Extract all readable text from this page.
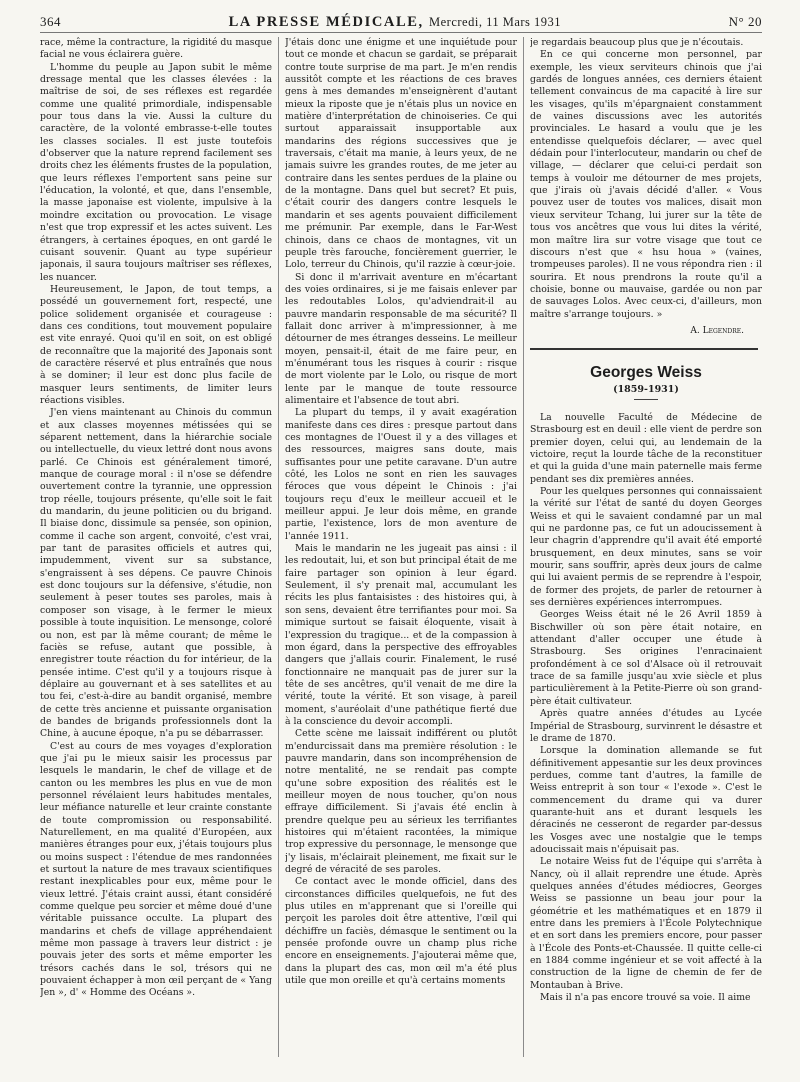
364	LA PRESSE MÉDICALE, Mercredi, 11 Mars 1931	N° 20

race, même la contracture, la rigidité du masque facial ne vous éclairera guère.

L'homme du peuple au Japon subit le même dressage mental que les classes élevées : la maîtrise de soi, de ses réflexes est regardée comme une qualité primordiale, indispensable pour tous dans la vie. Aussi la culture du caractère, de la volonté embrasse-t-elle toutes les classes sociales. Il est juste toutefois d'observer que la nature reprend facilement ses droits chez les éléments frustes de la population, que leurs réflexes l'emportent sans peine sur l'éducation, la volonté, et que, dans l'ensemble, la masse japonaise est violente, impulsive à la moindre excitation ou provocation. Le visage n'est que trop expressif et les actes suivent. Les étrangers, à certaines époques, en ont gardé le cuisant souvenir. Quant au type supérieur japonais, il saura toujours maîtriser ses réflexes, les nuancer.

Heureusement, le Japon, de tout temps, a possédé un gouvernement fort, respecté, une police solidement organisée et courageuse : dans ces conditions, tout mouvement populaire est vite enrayé. Quoi qu'il en soit, on est obligé de reconnaître que la majorité des Japonais sont de caractère réservé et plus entraînés que nous à se dominer; il leur est donc plus facile de masquer leurs sentiments, de limiter leurs réactions visibles.

J'en viens maintenant au Chinois du commun et aux classes moyennes métissées qui se séparent nettement, dans la hiérarchie sociale ou intellectuelle, du vieux lettré dont nous avons parlé. Ce Chinois est généralement timoré, manque de courage moral : il n'ose se défendre ouvertement contre la tyrannie, une oppression trop réelle, toujours présente, qu'elle soit le fait du mandarin, du jeune politicien ou du brigand. Il biaise donc, dissimule sa pensée, son opinion, comme il cache son argent, convoité, c'est vrai, par tant de parasites officiels et autres qui, impudemment, vivent sur sa substance, s'engraissent à ses dépens. Ce pauvre Chinois est donc toujours sur la défensive, s'étudie, non seulement à peser toutes ses paroles, mais à composer son visage, à le fermer le mieux possible à toute inquisition. Le mensonge, coloré ou non, est par là même courant; de même le faciès se refuse, autant que possible, à enregistrer toute réaction du for intérieur, de la pensée intime. C'est qu'il y a toujours risque à déplaire au gouvernant et à ses satellites et au tou fei, c'est-à-dire au bandit organisé, membre de cette très ancienne et puissante organisation de bandes de brigands professionnels dont la Chine, à aucune époque, n'a pu se débarrasser.

C'est au cours de mes voyages d'exploration que j'ai pu le mieux saisir les processus par lesquels le mandarin, le chef de village et de canton ou les membres les plus en vue de mon personnel révélaient leurs habitudes mentales, leur méfiance naturelle et leur crainte constante de toute compromission ou responsabilité. Naturellement, en ma qualité d'Européen, aux manières étranges pour eux, j'étais toujours plus ou moins suspect : l'étendue de mes randonnées et surtout la nature de mes travaux scientifiques restant inexplicables pour eux, même pour le vieux lettré. J'étais craint aussi, étant considéré comme quelque peu sorcier et même doué d'une véritable puissance occulte. La plupart des mandarins et chefs de village appréhendaient même mon passage à travers leur district : je pouvais jeter des sorts et même emporter les trésors cachés dans le sol, trésors qui ne pouvaient échapper à mon œil perçant de « Yang Jen », d' « Homme des Océans ».

J'étais donc une énigme et une inquiétude pour tout ce monde et chacun se gardait, se préparait contre toute surprise de ma part. Je m'en rendis aussitôt compte et les réactions de ces braves gens à mes demandes m'enseignèrent d'autant mieux la riposte que je n'étais plus un novice en matière d'interprétation de chinoiseries. Ce qui surtout apparaissait insupportable aux mandarins des régions successives que je traversais, c'était ma manie, à leurs yeux, de ne jamais suivre les grandes routes, de me jeter au contraire dans les sentes perdues de la plaine ou de la montagne. Dans quel but secret? Et puis, c'était courir des dangers contre lesquels le mandarin et ses agents pouvaient difficilement me prémunir. Par exemple, dans le Far-West chinois, dans ce chaos de montagnes, vit un peuple très farouche, foncièrement guerrier, le Lolo, terreur du Chinois, qu'il razzie à cœur-joie.

Si donc il m'arrivait aventure en m'écartant des voies ordinaires, si je me faisais enlever par les redoutables Lolos, qu'adviendrait-il au pauvre mandarin responsable de ma sécurité? Il fallait donc arriver à m'impressionner, à me détourner de mes étranges desseins. Le meilleur moyen, pensait-il, était de me faire peur, en m'énumérant tous les risques à courir : risque de mort violente par le Lolo, ou risque de mort lente par le manque de toute ressource alimentaire et l'absence de tout abri.

La plupart du temps, il y avait exagération manifeste dans ces dires : presque partout dans ces montagnes de l'Ouest il y a des villages et des ressources, maigres sans doute, mais suffisantes pour une petite caravane. D'un autre côté, les Lolos ne sont en rien les sauvages féroces que vous dépeint le Chinois : j'ai toujours reçu d'eux le meilleur accueil et le meilleur appui. Je leur dois même, en grande partie, l'existence, lors de mon aventure de l'année 1911.

Mais le mandarin ne les jugeait pas ainsi : il les redoutait, lui, et son but principal était de me faire partager son opinion à leur égard. Seulement, il s'y prenait mal, accumulant les récits les plus fantaisistes : des histoires qui, à son sens, devaient être terrifiantes pour moi. Sa mimique surtout se faisait éloquente, visait à l'expression du tragique... et de la compassion à mon égard, dans la perspective des effroyables dangers que j'allais courir. Finalement, le rusé fonctionnaire ne manquait pas de jurer sur la tête de ses ancêtres, qu'il venait de me dire la vérité, toute la vérité. Et son visage, à pareil moment, s'auréolait d'une pathétique fierté due à la conscience du devoir accompli.

Cette scène me laissait indifférent ou plutôt m'endurcissait dans ma première résolution : le pauvre mandarin, dans son incompréhension de notre mentalité, ne se rendait pas compte qu'une sobre exposition des réalités est le meilleur moyen de nous toucher, qu'on nous effraye difficilement. Si j'avais été enclin à prendre quelque peu au sérieux les terrifiantes histoires qui m'étaient racontées, la mimique trop expressive du personnage, le mensonge que j'y lisais, m'éclairait pleinement, me fixait sur le degré de véracité de ses paroles.

Ce contact avec le monde officiel, dans des circonstances difficiles quelquefois, ne fut des plus utiles en m'apprenant que si l'oreille qui perçoit les paroles doit être attentive, l'œil qui déchiffre un faciès, démasque le sentiment ou la pensée profonde ouvre un champ plus riche encore en enseignements. J'ajouterai même que, dans la plupart des cas, mon œil m'a été plus utile que mon oreille et qu'à certains moments

je regardais beaucoup plus que je n'écoutais.

En ce qui concerne mon personnel, par exemple, les vieux serviteurs chinois que j'ai gardés de longues années, ces derniers étaient tellement convaincus de ma capacité à lire sur les visages, qu'ils m'épargnaient constamment de vaines discussions avec les autorités provinciales. Le hasard a voulu que je les entendisse quelquefois déclarer, — avec quel dédain pour l'interlocuteur, mandarin ou chef de village, — déclarer que celui-ci perdait son temps à vouloir me détourner de mes projets, que j'irais où j'avais décidé d'aller. « Vous pouvez user de toutes vos malices, disait mon vieux serviteur Tchang, lui jurer sur la tête de tous vos ancêtres que vous lui dites la vérité, mon maître lira sur votre visage que tout ce discours n'est que « hsu houa » (vaines, trompeuses paroles). Il ne vous répondra rien : il sourira. Et nous prendrons la route qu'il a choisie, bonne ou mauvaise, gardée ou non par de sauvages Lolos. Avec ceux-ci, d'ailleurs, mon maître s'arrange toujours. »

A. Legendre.

Georges Weiss
(1859-1931)

La nouvelle Faculté de Médecine de Strasbourg est en deuil : elle vient de perdre son premier doyen, celui qui, au lendemain de la victoire, reçut la lourde tâche de la reconstituer et qui la guida d'une main paternelle mais ferme pendant ses dix premières années.

Pour les quelques personnes qui connaissaient la vérité sur l'état de santé du doyen Georges Weiss et qui le savaient condamné par un mal qui ne pardonne pas, ce fut un adoucissement à leur chagrin d'apprendre qu'il avait été emporté brusquement, en deux minutes, sans se voir mourir, sans souffrir, après deux jours de calme qui lui avaient permis de se reprendre à l'espoir, de former des projets, de parler de retourner à ses dernières expériences interrompues.

Georges Weiss était né le 26 Avril 1859 à Bischwiller où son père était notaire, en attendant d'aller occuper une étude à Strasbourg. Ses origines l'enracinaient profondément à ce sol d'Alsace où il retrouvait trace de sa famille jusqu'au xvie siècle et plus particulièrement à la Petite-Pierre où son grand-père était cultivateur.

Après quatre années d'études au Lycée Impérial de Strasbourg, survinrent le désastre et le drame de 1870.

Lorsque la domination allemande se fut définitivement appesantie sur les deux provinces perdues, comme tant d'autres, la famille de Weiss entreprit à son tour « l'exode ». C'est le commencement du drame qui va durer quarante-huit ans et durant lesquels les déracinés ne cesseront de regarder par-dessus les Vosges avec une nostalgie que le temps adoucissait mais n'épuisait pas.

Le notaire Weiss fut de l'équipe qui s'arrêta à Nancy, où il allait reprendre une étude. Après quelques années d'études médiocres, Georges Weiss se passionne un beau jour pour la géométrie et les mathématiques et en 1879 il entre dans les premiers à l'École Polytechnique et en sort dans les premiers encore, pour passer à l'École des Ponts-et-Chaussée. Il quitte celle-ci en 1884 comme ingénieur et se voit affecté à la construction de la ligne de chemin de fer de Montauban à Brive.

Mais il n'a pas encore trouvé sa voie. Il aime
